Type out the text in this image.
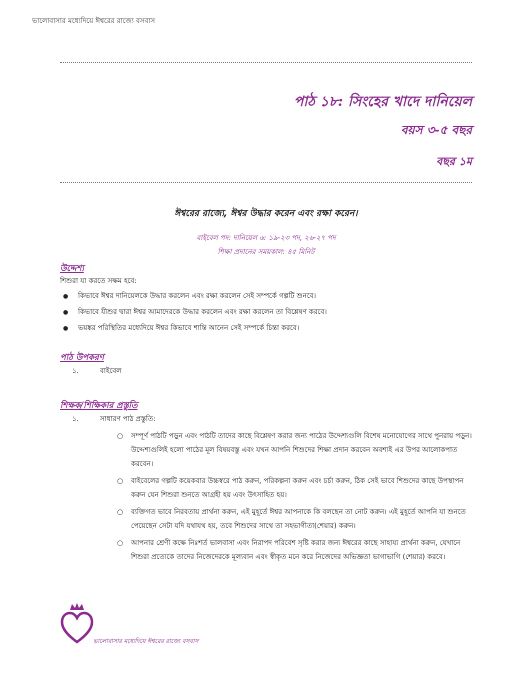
ভালোবাসার মধ্যেদিয়ে ঈশ্বরের রাজ্যে বসবাস
পাঠ ১৮: সিংহের খাদে দানিয়েল
বয়স ৩-৫ বছর
বছর ১ম
ঈশ্বরের রাজ্যে, ঈশ্বর উদ্ধার করেন এবং রক্ষা করেন।
বাইবেল পদ: দানিয়েল ৬: ১৯-২৩ পদ, ২৬-২৭ পদ
শিক্ষা প্রদানের সময়কাল: ৪৫ মিনিট
উদ্দেশ্য
শিশুরা যা করতে সক্ষম হবে:
● কিভাবে ঈশ্বর দানিয়েলকে উদ্ধার করলেন এবং রক্ষা করলেন সেই সম্পর্কে গল্পটি শুনবে।
● কিভাবে যীশুর দ্বারা ঈশ্বর আমাদেরকে উদ্ধার করলেন এবং রক্ষা করলেন তা বিশ্লেষণ করবে।
● ভয়ঙ্কর পরিস্থিতির মধ্যেদিয়ে ঈশ্বর কিভাবে শান্তি আনেন সেই সম্পর্কে চিন্তা করবে।
পাঠ উপকরণ
১.	বাইবেল
শিক্ষক/শিক্ষিকার প্রস্তুতি
১.	সাধারণ পাঠ প্রস্তুতি:
○ সম্পূর্ণ পাঠটি পড়ুন এবং পাঠটি তাদের কাছে বিশ্লেষণ করার জন্য পাঠের উদ্দেশ্যগুলি বিশেষ মনোযোগের সাথে পুনরায় পড়ুন। উদ্দেশ্যগুলিই হলো পাঠের মূল বিষয়বস্তু এবং যখন আপনি শিশুদের শিক্ষা প্রদান করবেন অবশ্যই এর উপর আলোকপাত করবেন।
○ বাইবেলের গল্পটি কয়েকবার উচ্চস্বরে পাঠ করুন, পরিকল্পনা করুন এবং চর্চা করুন, ঠিক সেই ভাবে শিশুদের কাছে উপস্থাপন করুন যেন শিশুরা শুনতে আগ্রহী হয় এবং উৎসাহিত হয়।
○ ব্যক্তিগত ভাবে নিরবতায় প্রার্থনা করুন, এই মুহূর্তে ঈশ্বর আপনাকে কি বলছেন তা নোট করুন। এই মুহূর্তে আপনি যা শুনতে পেয়েছেন সেটা যদি যথাযথ হয়, তবে শিশুদের সাথে তা সহভাগীতা(শেয়ার) করুন।
○ আপনার শ্রেণী কক্ষে নিঃশর্ত ভালবাসা এবং নিরাপদ পরিবেশ সৃষ্টি করার জন্য ঈশ্বরের কাছে সাহায্য প্রার্থনা করুন, যেখানে শিশুরা প্রত্যেকে তাদের নিজেদেরকে মূল্যবান এবং স্বীকৃত মনে করে নিজেদের অভিজ্ঞতা ভাগাভাগি (শেয়ার) করবে।
ভালোবাসার মধ্যেদিয়ে ঈশ্বরের রাজ্যে বসবাস
